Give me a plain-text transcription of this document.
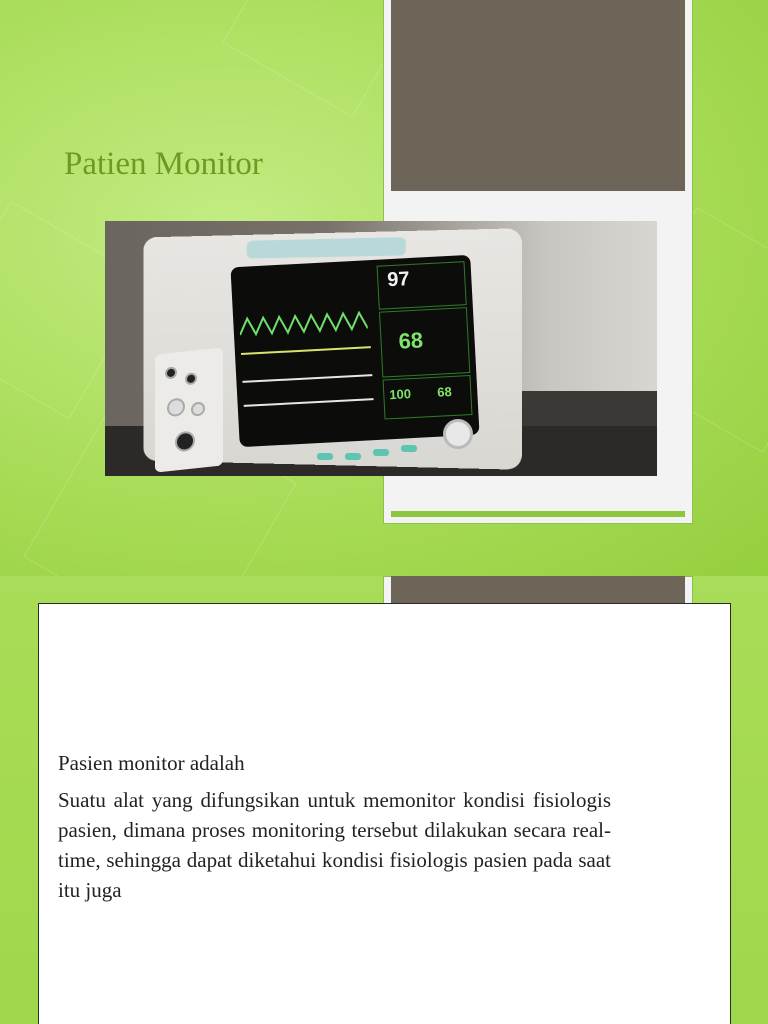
Patien Monitor
97
68
100 68
Pasien monitor adalah
Suatu alat yang difungsikan untuk memonitor kondisi fisiologis pasien, dimana proses monitoring tersebut dilakukan secara real-time, sehingga dapat diketahui kondisi fisiologis pasien pada saat itu juga
